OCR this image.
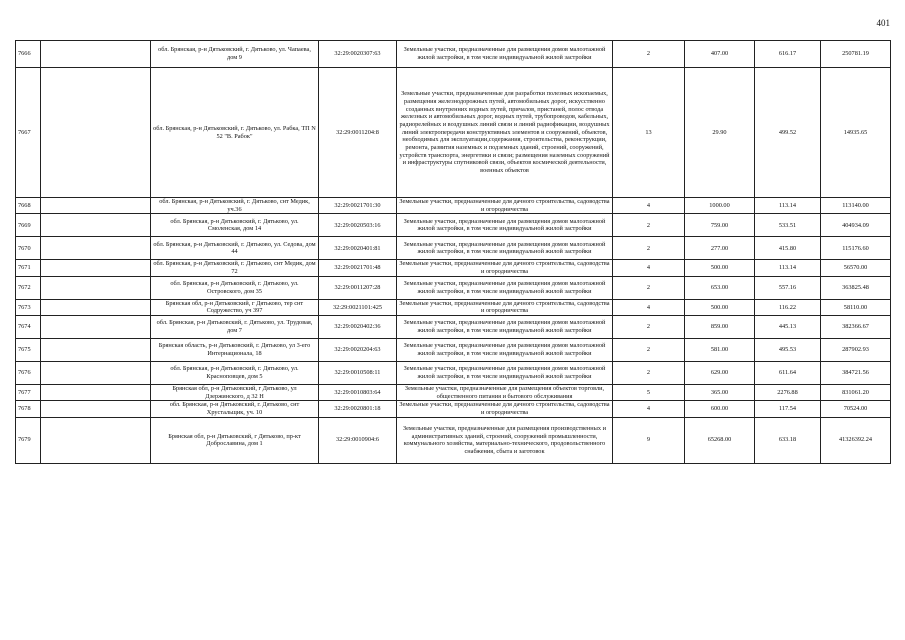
401
7666		обл. Брянская, р-н Дятьковский, г. Дятьково, ул. Чапаева, дом 9	32:29:0020307:63	Земельные участки, предназначенные для размещения домов малоэтажной жилой застройки, в том числе индивидуальной жилой застройки	2	407.00	616.17	250781.19
7667		обл. Брянская, р-н Дятьковский, г. Дятьково, ул. Рабка, ТП N 52 "В. Рабок"	32:29:0011204:8	Земельные участки, предназначенные для разработки полезных ископаемых, размещения железнодорожных путей, автомобильных дорог, искусственно созданных внутренних водных путей, причалов, пристаней, полос отвода железных и автомобильных дорог, водных путей, трубопроводов, кабельных, радиорелейных и воздушных линий связи и линий радиофикации, воздушных линий электропередачи конструктивных элементов и сооружений, объектов, необходимых для эксплуатации,содержания, строительства, реконструкции, ремонта, развития наземных и подземных зданий, строений, сооружений, устройств транспорта, энергетики и связи; размещения наземных сооружений и инфраструктуры спутниковой связи, объектов космической деятельности, военных объектов	13	29.90	499.52	14935.65
7668		обл. Брянская, р-н Дятьковский, г. Дятьково, снт Медик, уч.36	32:29:0021701:30	Земельные участки, предназначенные для дачного строительства, садоводства и огородничества	4	1000.00	113.14	113140.00
7669		обл. Брянская, р-н Дятьковский, г. Дятьково, ул. Смоленская, дом 14	32:29:0020503:16	Земельные участки, предназначенные для размещения домов малоэтажной жилой застройки, в том числе индивидуальной жилой застройки	2	759.00	533.51	404934.09
7670		обл. Брянская, р-н Дятьковский, г. Дятьково, ул. Седова, дом 44	32:29:0020401:81	Земельные участки, предназначенные для размещения домов малоэтажной жилой застройки, в том числе индивидуальной жилой застройки	2	277.00	415.80	115176.60
7671		обл. Брянская, р-н Дятьковский, г. Дятьково, снт Медик, дом 72	32:29:0021701:48	Земельные участки, предназначенные для дачного строительства, садоводства и огородничества	4	500.00	113.14	56570.00
7672		обл. Брянская, р-н Дятьковский, г. Дятьково, ул. Островского, дом 35	32:29:0011207:28	Земельные участки, предназначенные для размещения домов малоэтажной жилой застройки, в том числе индивидуальной жилой застройки	2	653.00	557.16	363825.48
7673		Брянская обл, р-н Дятьковский, г Дятьково, тер снт Содружество, уч 397	32:29:0021101:425	Земельные участки, предназначенные для дачного строительства, садоводства и огородничества	4	500.00	116.22	58110.00
7674		обл. Брянская, р-н Дятьковский, г. Дятьково, ул. Трудовая, дом 7	32:29:0020402:36	Земельные участки, предназначенные для размещения домов малоэтажной жилой застройки, в том числе индивидуальной жилой застройки	2	859.00	445.13	382366.67
7675		Брянская область, р-н Дятьковский, г. Дятьково, ул 3-его Интернационала, 18	32:29:0020204:63	Земельные участки, предназначенные для размещения домов малоэтажной жилой застройки, в том числе индивидуальной жилой застройки	2	581.00	495.53	287902.93
7676		обл. Брянская, р-н Дятьковский, г. Дятьково, ул. Красноповцев, дом 5	32:29:0010508:11	Земельные участки, предназначенные для размещения домов малоэтажной жилой застройки, в том числе индивидуальной жилой застройки	2	629.00	611.64	384721.56
7677		Брянская обл, р-н Дятьковский, г Дятьково, ул Дзержинского, д 32 Н	32:29:0010803:64	Земельные участки, предназначенные для размещения объектов торговли, общественного питания и бытового обслуживания	5	365.00	2276.88	831061.20
7678		обл. Брянская, р-н Дятьковский, г. Дятьково, снт Хрустальщик, уч. 10	32:29:0020801:18	Земельные участки, предназначенные для дачного строительства, садоводства и огородничества	4	600.00	117.54	70524.00
7679		Брянская обл, р-н Дятьковский, г Дятьково, пр-кт Доброславина, дом 1	32:29:0010904:6	Земельные участки, предназначенные для размещения производственных и административных зданий, строений, сооружений промышленности, коммунального хозяйства, материально-технического, продовольственного снабжения, сбыта и заготовок	9	65268.00	633.18	41326392.24
